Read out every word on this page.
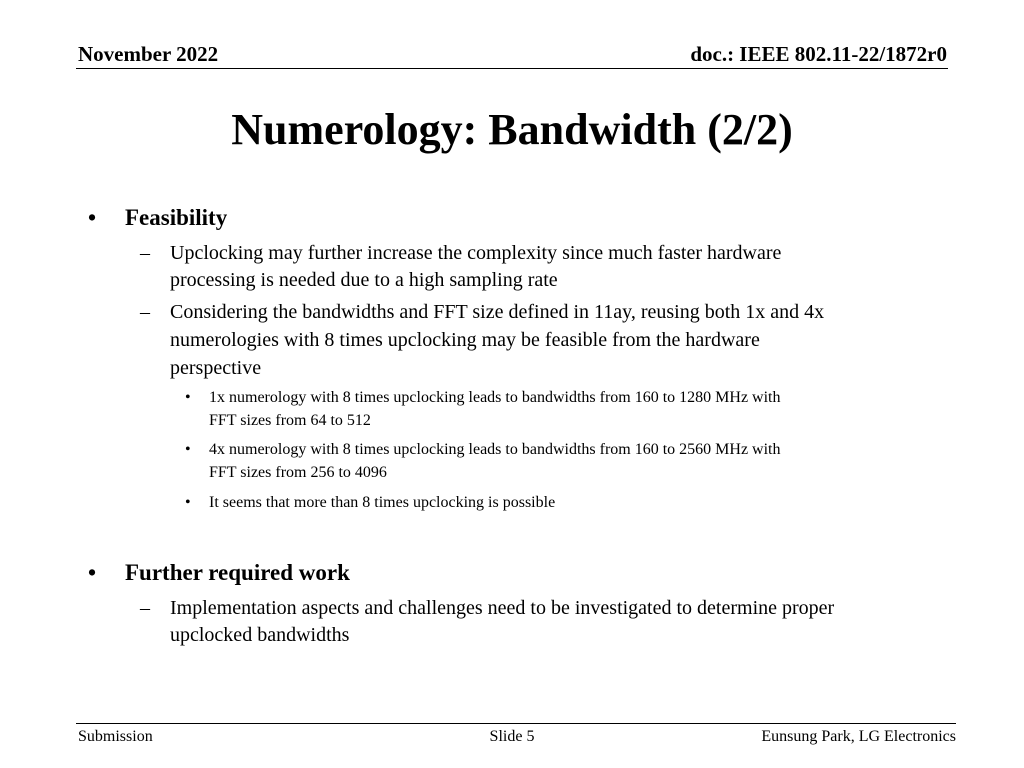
November 2022	doc.: IEEE 802.11-22/1872r0
Numerology: Bandwidth (2/2)
• Feasibility
– Upclocking may further increase the complexity since much faster hardware
processing is needed due to a high sampling rate
– Considering the bandwidths and FFT size defined in 11ay, reusing both 1x and 4x
numerologies with 8 times upclocking may be feasible from the hardware
perspective
• 1x numerology with 8 times upclocking leads to bandwidths from 160 to 1280 MHz with
FFT sizes from 64 to 512
• 4x numerology with 8 times upclocking leads to bandwidths from 160 to 2560 MHz with
FFT sizes from 256 to 4096
• It seems that more than 8 times upclocking is possible
• Further required work
– Implementation aspects and challenges need to be investigated to determine proper
upclocked bandwidths
Submission	Slide 5	Eunsung Park, LG Electronics
